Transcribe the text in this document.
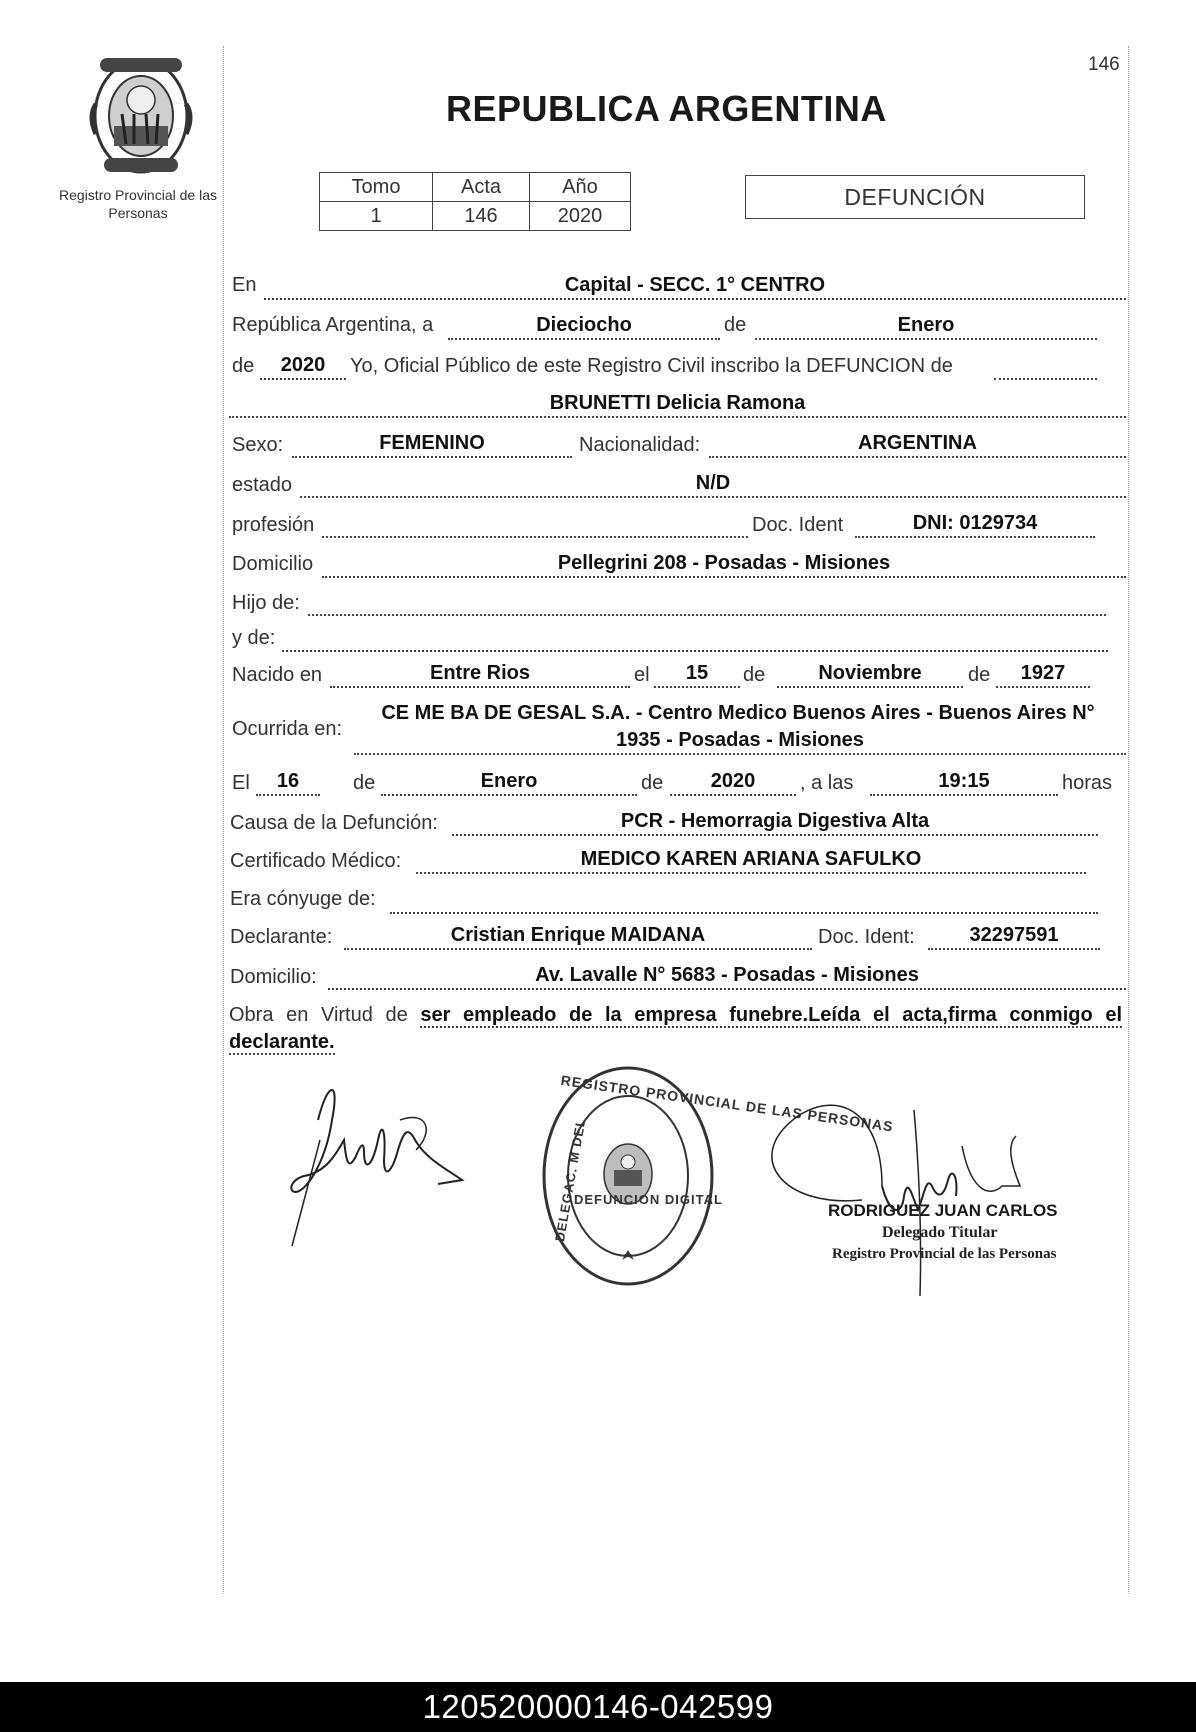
Registro Provincial de las Personas
146
REPUBLICA ARGENTINA
Tomo	Acta	Año
1	146	2020
DEFUNCIÓN
En	Capital - SECC. 1° CENTRO
República Argentina, a	Dieciocho	de	Enero
de	2020	Yo, Oficial Público de este Registro Civil inscribo la DEFUNCION de
BRUNETTI Delicia Ramona
Sexo:	FEMENINO	Nacionalidad:	ARGENTINA
estado	N/D
profesión	Doc. Ident	DNI: 0129734
Domicilio	Pellegrini 208 - Posadas - Misiones
Hijo de:
y de:
Nacido en	Entre Rios	el	15	de	Noviembre	de	1927
Ocurrida en:
CE ME BA DE GESAL S.A. - Centro Medico Buenos Aires - Buenos Aires N°
1935 - Posadas - Misiones
El	16	de	Enero	de	2020	, a las	19:15	horas
Causa de la Defunción:	PCR - Hemorragia Digestiva Alta
Certificado Médico:	MEDICO KAREN ARIANA SAFULKO
Era cónyuge de:
Declarante:	Cristian Enrique MAIDANA	Doc. Ident:	32297591
Domicilio:	Av. Lavalle N° 5683 - Posadas - Misiones
Obra en Virtud de ser empleado de la empresa funebre.Leída el acta,firma conmigo el declarante.
REGISTRO PROVINCIAL DE LAS PERSONAS
DELEGAC. M DEL
DEFUNCION DIGITAL
RODRIGUEZ JUAN CARLOS
Delegado Titular
Registro Provincial de las Personas
120520000146-042599
